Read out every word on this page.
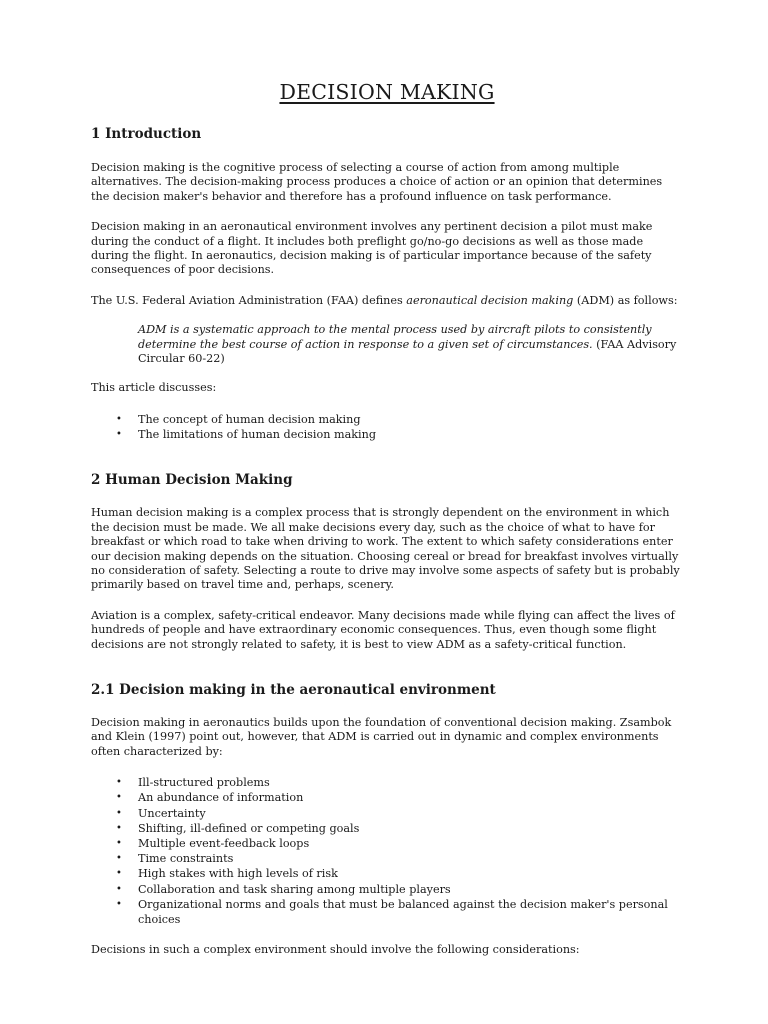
DECISION MAKING
1 Introduction

Decision making is the cognitive process of selecting a course of action from among multiple alternatives. The decision-making process produces a choice of action or an opinion that determines the decision maker's behavior and therefore has a profound influence on task performance.

Decision making in an aeronautical environment involves any pertinent decision a pilot must make during the conduct of a flight. It includes both preflight go/no-go decisions as well as those made during the flight. In aeronautics, decision making is of particular importance because of the safety consequences of poor decisions.

The U.S. Federal Aviation Administration (FAA) defines aeronautical decision making (ADM) as follows:

ADM is a systematic approach to the mental process used by aircraft pilots to consistently determine the best course of action in response to a given set of circumstances. (FAA Advisory Circular 60-22)

This article discusses:

• The concept of human decision making
• The limitations of human decision making
2 Human Decision Making

Human decision making is a complex process that is strongly dependent on the environment in which the decision must be made. We all make decisions every day, such as the choice of what to have for breakfast or which road to take when driving to work. The extent to which safety considerations enter our decision making depends on the situation. Choosing cereal or bread for breakfast involves virtually no consideration of safety. Selecting a route to drive may involve some aspects of safety but is probably primarily based on travel time and, perhaps, scenery.

Aviation is a complex, safety-critical endeavor. Many decisions made while flying can affect the lives of hundreds of people and have extraordinary economic consequences. Thus, even though some flight decisions are not strongly related to safety, it is best to view ADM as a safety-critical function.

2.1 Decision making in the aeronautical environment

Decision making in aeronautics builds upon the foundation of conventional decision making. Zsambok and Klein (1997) point out, however, that ADM is carried out in dynamic and complex environments often characterized by:

• Ill-structured problems
• An abundance of information
• Uncertainty
• Shifting, ill-defined or competing goals
• Multiple event-feedback loops
• Time constraints
• High stakes with high levels of risk
• Collaboration and task sharing among multiple players
• Organizational norms and goals that must be balanced against the decision maker's personal choices

Decisions in such a complex environment should involve the following considerations:
